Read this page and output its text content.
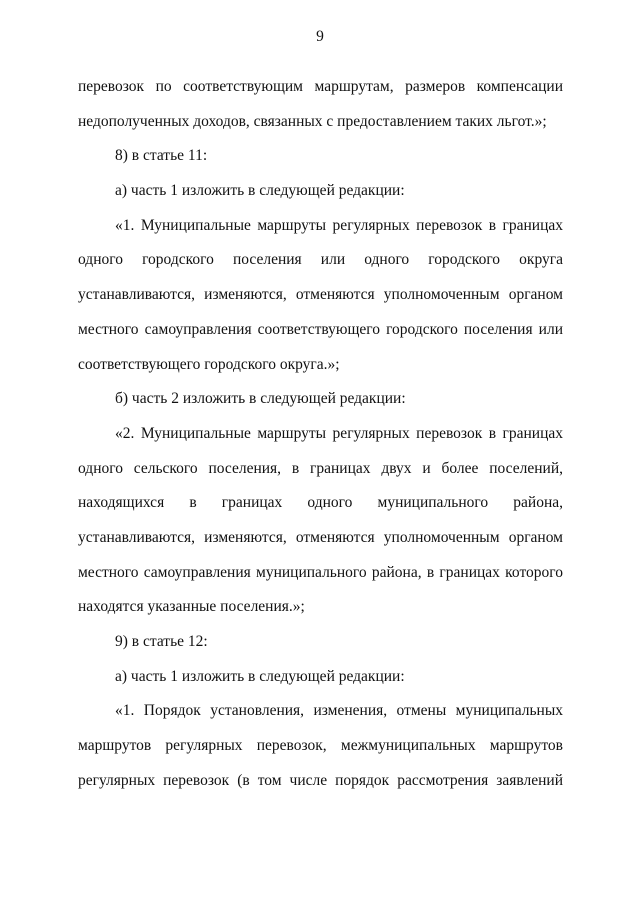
9
перевозок по соответствующим маршрутам, размеров компенсации
недополученных доходов, связанных с предоставлением таких льгот.»;
8) в статье 11:
а) часть 1 изложить в следующей редакции:
«1. Муниципальные маршруты регулярных перевозок в границах
одного городского поселения или одного городского округа
устанавливаются, изменяются, отменяются уполномоченным органом
местного самоуправления соответствующего городского поселения или
соответствующего городского округа.»;
б) часть 2 изложить в следующей редакции:
«2. Муниципальные маршруты регулярных перевозок в границах
одного сельского поселения, в границах двух и более поселений,
находящихся в границах одного муниципального района,
устанавливаются, изменяются, отменяются уполномоченным органом
местного самоуправления муниципального района, в границах которого
находятся указанные поселения.»;
9) в статье 12:
а) часть 1 изложить в следующей редакции:
«1. Порядок установления, изменения, отмены муниципальных
маршрутов регулярных перевозок, межмуниципальных маршрутов
регулярных перевозок (в том числе порядок рассмотрения заявлений
